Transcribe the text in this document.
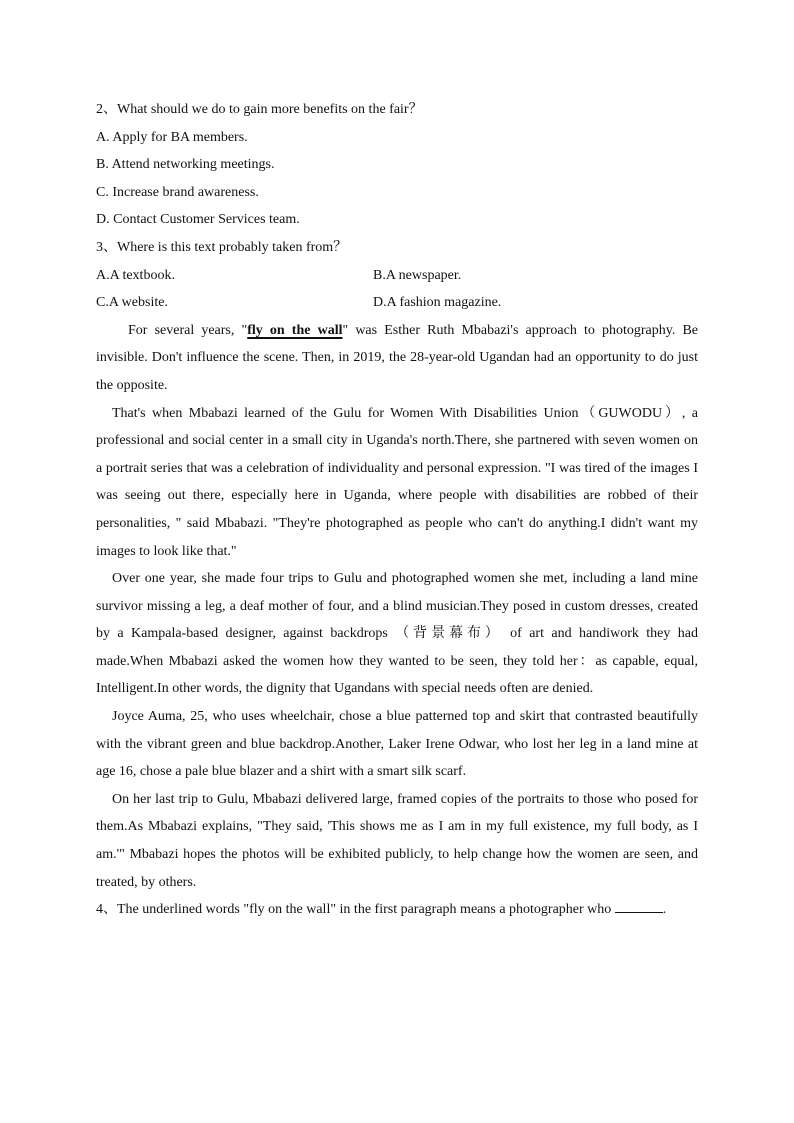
2、What should we do to gain more benefits on the fair？

A. Apply for BA members.

B. Attend networking meetings.

C. Increase brand awareness.

D. Contact Customer Services team.

3、Where is this text probably taken from？

A.A textbook.	B.A newspaper.
C.A website.	D.A fashion magazine.

For several years, "fly on the wall" was Esther Ruth Mbabazi's approach to photography. Be invisible. Don't influence the scene. Then, in 2019, the 28-year-old Ugandan had an opportunity to do just the opposite.

That's when Mbabazi learned of the Gulu for Women With Disabilities Union（GUWODU）, a professional and social center in a small city in Uganda's north.There, she partnered with seven women on a portrait series that was a celebration of individuality and personal expression. "I was tired of the images I was seeing out there, especially here in Uganda, where people with disabilities are robbed of their personalities, " said Mbabazi. "They're photographed as people who can't do anything.I didn't want my images to look like that."

Over one year, she made four trips to Gulu and photographed women she met, including a land mine survivor missing a leg, a deaf mother of four, and a blind musician.They posed in custom dresses, created by a Kampala-based designer, against backdrops （背景幕布） of art and handiwork they had made.When Mbabazi asked the women how they wanted to be seen, they told her：as capable, equal, Intelligent.In other words, the dignity that Ugandans with special needs often are denied.

Joyce Auma, 25, who uses wheelchair, chose a blue patterned top and skirt that contrasted beautifully with the vibrant green and blue backdrop.Another, Laker Irene Odwar, who lost her leg in a land mine at age 16, chose a pale blue blazer and a shirt with a smart silk scarf.

On her last trip to Gulu, Mbabazi delivered large, framed copies of the portraits to those who posed for them.As Mbabazi explains, "They said, 'This shows me as I am in my full existence, my full body, as I am.'" Mbabazi hopes the photos will be exhibited publicly, to help change how the women are seen, and treated, by others.

4、The underlined words "fly on the wall" in the first paragraph means a photographer who	.
